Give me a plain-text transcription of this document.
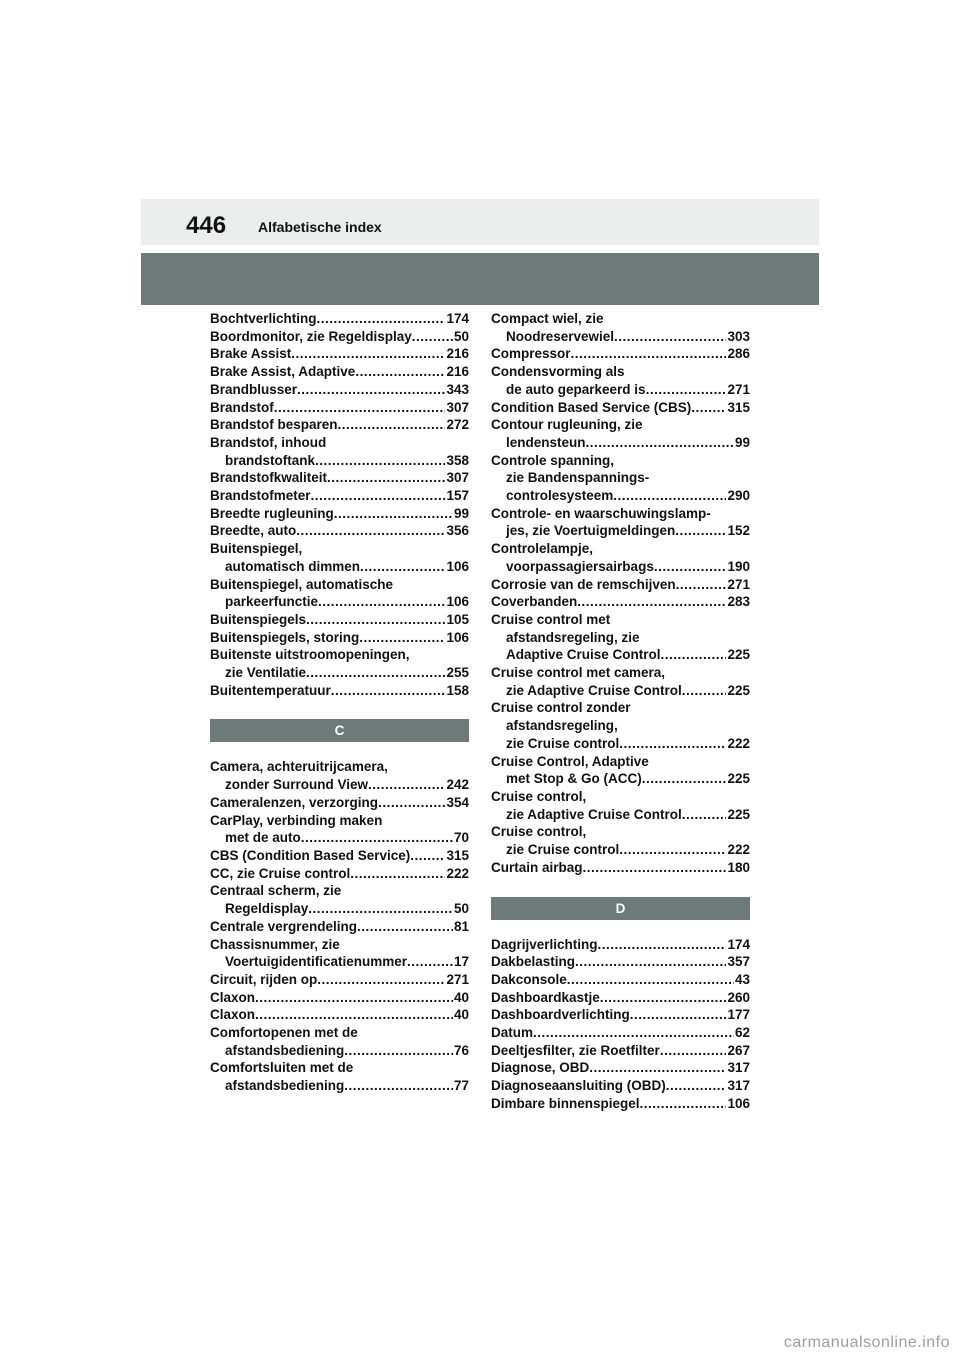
446 Alfabetische index
Bochtverlichting .....	174
Boordmonitor, zie Regeldisplay .....	50
Brake Assist .....	216
Brake Assist, Adaptive .....	216
Brandblusser .....	343
Brandstof .....	307
Brandstof besparen .....	272
Brandstof, inhoud
brandstoftank .....	358
Brandstofkwaliteit .....	307
Brandstofmeter .....	157
Breedte rugleuning .....	99
Breedte, auto .....	356
Buitenspiegel,
automatisch dimmen .....	106
Buitenspiegel, automatische
parkeerfunctie .....	106
Buitenspiegels .....	105
Buitenspiegels, storing .....	106
Buitenste uitstroomopeningen,
zie Ventilatie .....	255
Buitentemperatuur .....	158
C
Camera, achteruitrijcamera,
zonder Surround View .....	242
Cameralenzen, verzorging .....	354
CarPlay, verbinding maken
met de auto .....	70
CBS (Condition Based Service) .....	315
CC, zie Cruise control .....	222
Centraal scherm, zie
Regeldisplay .....	50
Centrale vergrendeling .....	81
Chassisnummer, zie
Voertuigidentificatienummer .....	17
Circuit, rijden op .....	271
Claxon .....	40
Claxon .....	40
Comfortopenen met de
afstandsbediening .....	76
Comfortsluiten met de
afstandsbediening .....	77
Compact wiel, zie
Noodreservewiel .....	303
Compressor .....	286
Condensvorming als
de auto geparkeerd is .....	271
Condition Based Service (CBS) .....	315
Contour rugleuning, zie
lendensteun .....	99
Controle spanning,
zie Bandenspannings-
controlesysteem .....	290
Controle- en waarschuwingslamp-
jes, zie Voertuigmeldingen .....	152
Controlelampje,
voorpassagiersairbags .....	190
Corrosie van de remschijven .....	271
Coverbanden .....	283
Cruise control met
afstandsregeling, zie
Adaptive Cruise Control .....	225
Cruise control met camera,
zie Adaptive Cruise Control .....	225
Cruise control zonder
afstandsregeling,
zie Cruise control .....	222
Cruise Control, Adaptive
met Stop & Go (ACC) .....	225
Cruise control,
zie Adaptive Cruise Control .....	225
Cruise control,
zie Cruise control .....	222
Curtain airbag .....	180
D
Dagrijverlichting .....	174
Dakbelasting .....	357
Dakconsole .....	43
Dashboardkastje .....	260
Dashboardverlichting .....	177
Datum .....	62
Deeltjesfilter, zie Roetfilter .....	267
Diagnose, OBD .....	317
Diagnoseaansluiting (OBD) .....	317
Dimbare binnenspiegel .....	106
carmanualsonline.info
